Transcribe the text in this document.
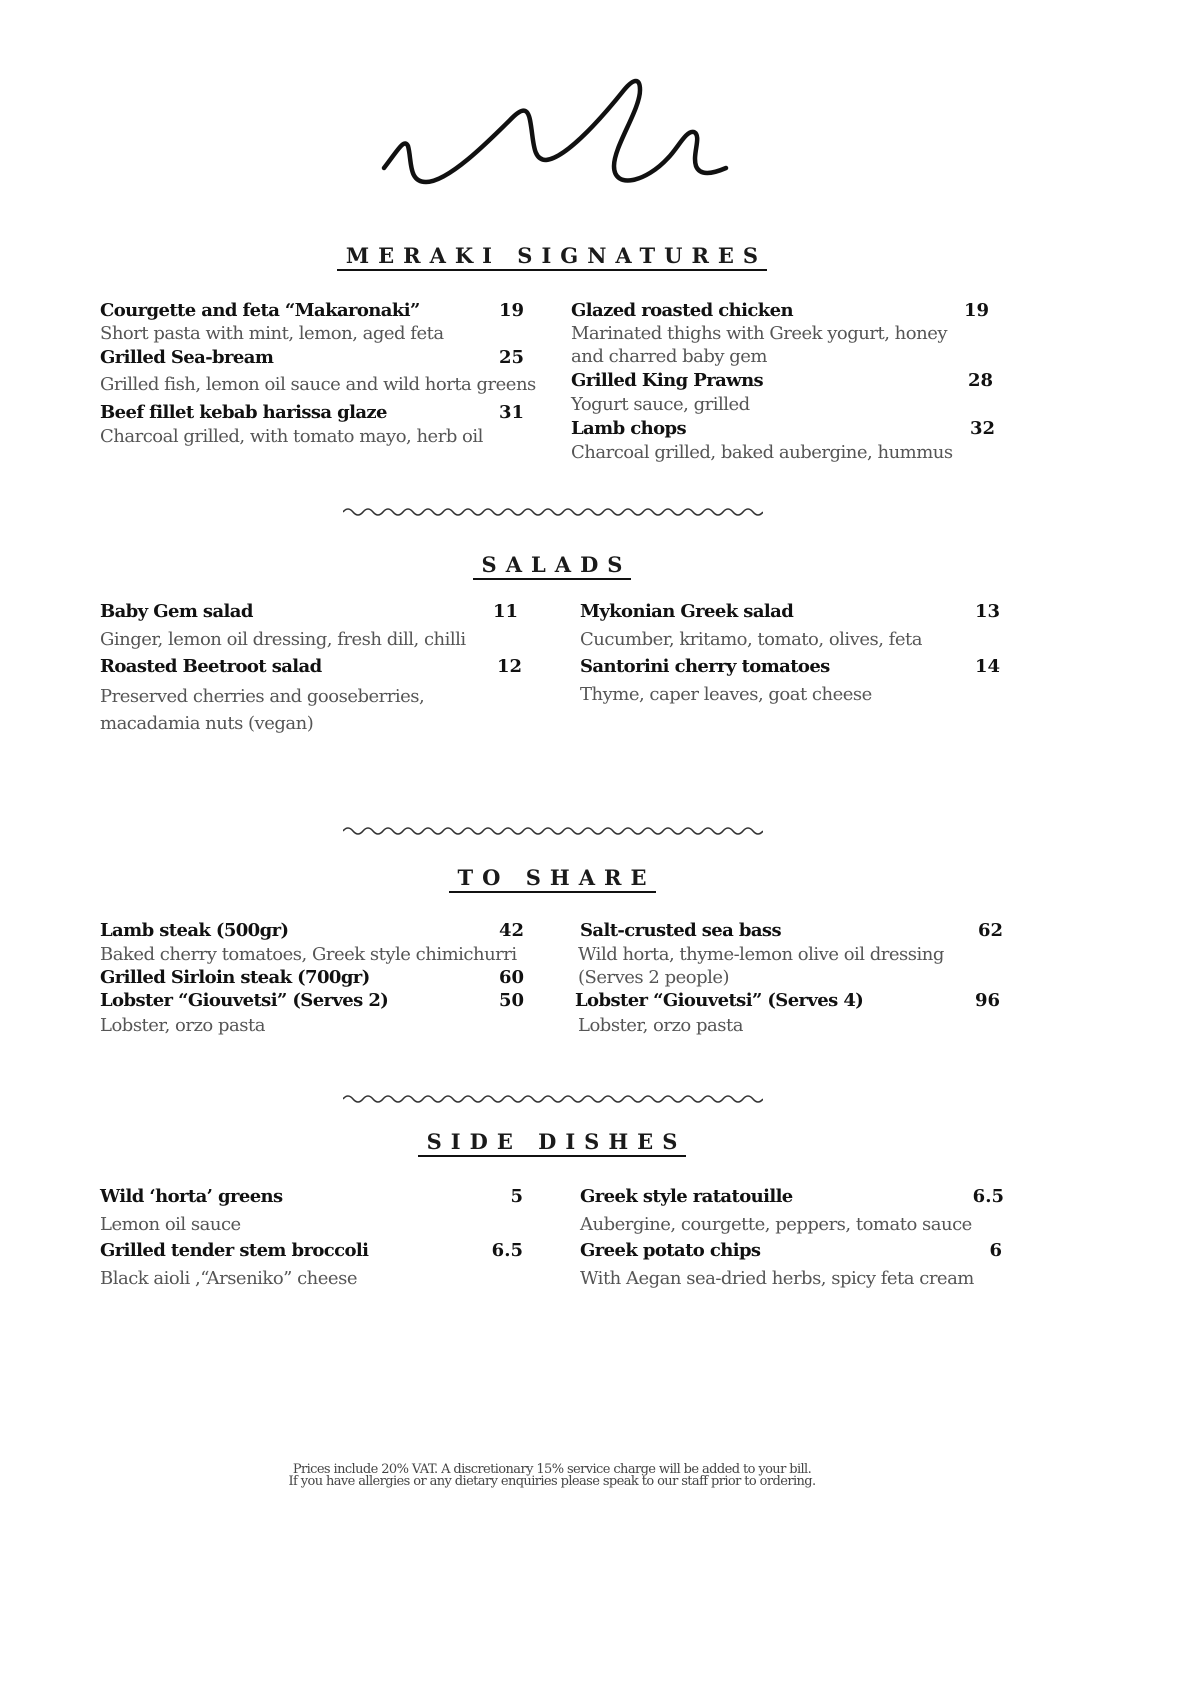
MERAKI SIGNATURES
Courgette and feta “Makaronaki”	19
Short pasta with mint, lemon, aged feta
Grilled Sea-bream	25
Grilled fish, lemon oil sauce and wild horta greens
Beef fillet kebab harissa glaze	31
Charcoal grilled, with tomato mayo, herb oil
Glazed roasted chicken	19
Marinated thighs with Greek yogurt, honey and charred baby gem
Grilled King Prawns	28
Yogurt sauce, grilled
Lamb chops	32
Charcoal grilled, baked aubergine, hummus
SALADS
Baby Gem salad	11
Ginger, lemon oil dressing, fresh dill, chilli
Roasted Beetroot salad	12
Preserved cherries and gooseberries, macadamia nuts (vegan)
Mykonian Greek salad	13
Cucumber, kritamo, tomato, olives, feta
Santorini cherry tomatoes	14
Thyme, caper leaves, goat cheese
TO SHARE
Lamb steak (500gr)	42
Baked cherry tomatoes, Greek style chimichurri
Grilled Sirloin steak (700gr)	60
Lobster “Giouvetsi” (Serves 2)	50
Lobster, orzo pasta
Salt-crusted sea bass	62
Wild horta, thyme-lemon olive oil dressing (Serves 2 people)
Lobster “Giouvetsi” (Serves 4)	96
Lobster, orzo pasta
SIDE DISHES
Wild ‘horta’ greens	5
Lemon oil sauce
Grilled tender stem broccoli	6.5
Black aioli ,“Arseniko” cheese
Greek style ratatouille	6.5
Aubergine, courgette, peppers, tomato sauce
Greek potato chips	6
With Aegan sea-dried herbs, spicy feta cream
Prices include 20% VAT. A discretionary 15% service charge will be added to your bill.
If you have allergies or any dietary enquiries please speak to our staff prior to ordering.
